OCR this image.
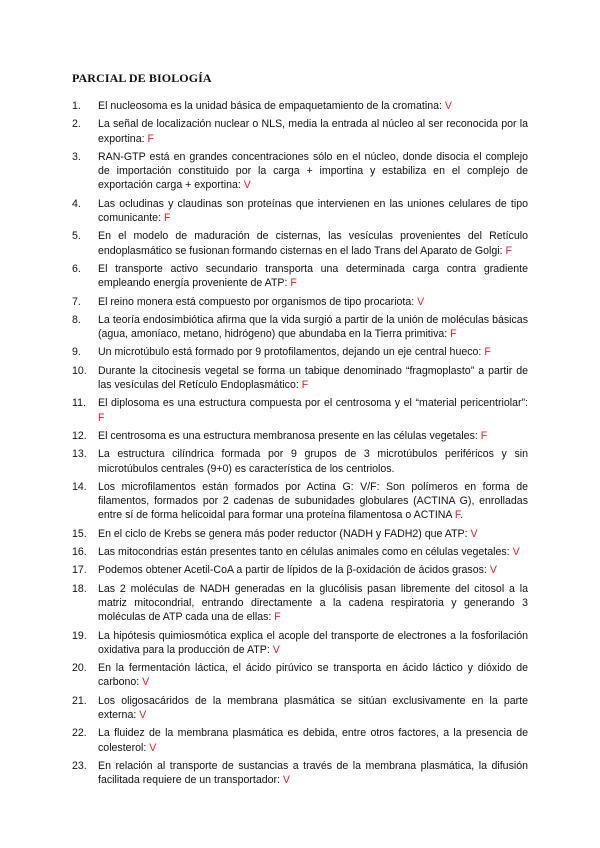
PARCIAL DE BIOLOGÍA
1.	El nucleosoma es la unidad básica de empaquetamiento de la cromatina: V
2.	La señal de localización nuclear o NLS, media la entrada al núcleo al ser reconocida por la exportina: F
3.	RAN-GTP está en grandes concentraciones sólo en el núcleo, donde disocia el complejo de importación constituido por la carga + importina y estabiliza en el complejo de exportación carga + exportina: V
4.	Las ocludinas y claudinas son proteínas que intervienen en las uniones celulares de tipo comunicante: F
5.	En el modelo de maduración de cisternas, las vesículas provenientes del Retículo endoplasmático se fusionan formando cisternas en el lado Trans del Aparato de Golgi: F
6.	El transporte activo secundario transporta una determinada carga contra gradiente empleando energía proveniente de ATP: F
7.	El reino monera está compuesto por organismos de tipo procariota: V
8.	La teoría endosimbiótica afirma que la vida surgió a partir de la unión de moléculas básicas (agua, amoníaco, metano, hidrógeno) que abundaba en la Tierra primitiva: F
9.	Un microtúbulo está formado por 9 protofilamentos, dejando un eje central hueco: F
10.	Durante la citocinesis vegetal se forma un tabique denominado “fragmoplasto” a partir de las vesículas del Retículo Endoplasmático: F
11.	El diplosoma es una estructura compuesta por el centrosoma y el “material pericentriolar”: F
12.	El centrosoma es una estructura membranosa presente en las células vegetales: F
13.	La estructura cilíndrica formada por 9 grupos de 3 microtúbulos periféricos y sin microtúbulos centrales (9+0) es característica de los centriolos.
14.	Los microfilamentos están formados por Actina G: V/F: Son polímeros en forma de filamentos, formados por 2 cadenas de subunidades globulares (ACTINA G), enrolladas entre sí de forma helicoidal para formar una proteína filamentosa o ACTINA F.
15.	En el ciclo de Krebs se genera más poder reductor (NADH y FADH2) que ATP: V
16.	Las mitocondrias están presentes tanto en células animales como en células vegetales: V
17.	Podemos obtener Acetil-CoA a partir de lípidos de la β-oxidación de ácidos grasos: V
18.	Las 2 moléculas de NADH generadas en la glucólisis pasan libremente del citosol a la matriz mitocondrial, entrando directamente a la cadena respiratoria y generando 3 moléculas de ATP cada una de ellas: F
19.	La hipótesis quimiosmótica explica el acople del transporte de electrones a la fosforilación oxidativa para la producción de ATP: V
20.	En la fermentación láctica, el ácido pirúvico se transporta en ácido láctico y dióxido de carbono: V
21.	Los oligosacáridos de la membrana plasmática se sitúan exclusivamente en la parte externa: V
22.	La fluidez de la membrana plasmática es debida, entre otros factores, a la presencia de colesterol: V
23.	En relación al transporte de sustancias a través de la membrana plasmática, la difusión facilitada requiere de un transportador: V
